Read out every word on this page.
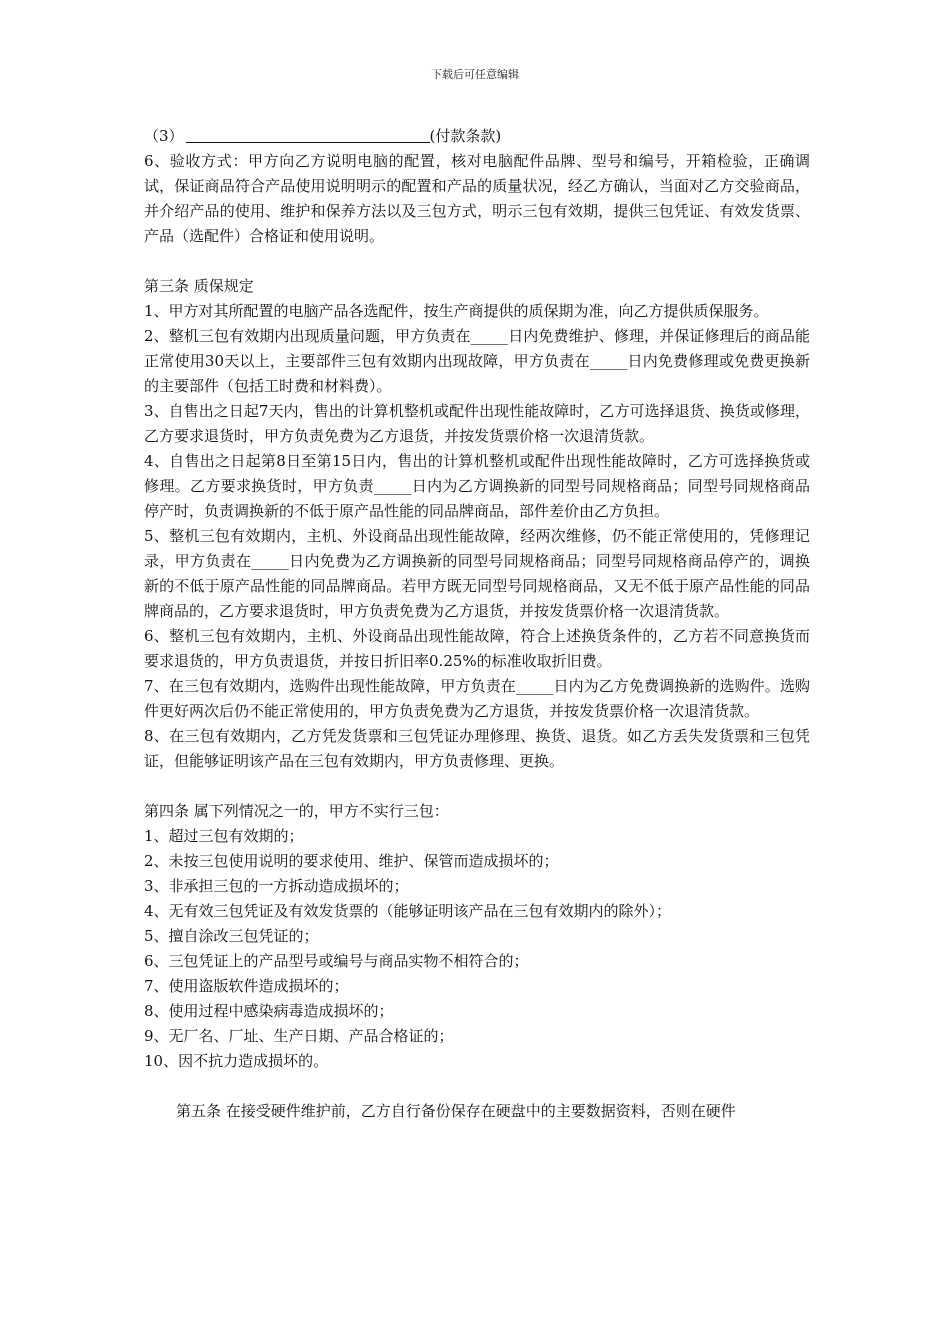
下载后可任意编辑

（3）	(付款条款)

6、验收方式：甲方向乙方说明电脑的配置，核对电脑配件品牌、型号和编号，开箱检验，正确调试，保证商品符合产品使用说明明示的配置和产品的质量状况，经乙方确认，当面对乙方交验商品，并介绍产品的使用、维护和保养方法以及三包方式，明示三包有效期，提供三包凭证、有效发货票、产品（选配件）合格证和使用说明。

第三条 质保规定

1、甲方对其所配置的电脑产品各选配件，按生产商提供的质保期为准，向乙方提供质保服务。

2、整机三包有效期内出现质量问题，甲方负责在_____日内免费维护、修理，并保证修理后的商品能正常使用30天以上，主要部件三包有效期内出现故障，甲方负责在_____日内免费修理或免费更换新的主要部件（包括工时费和材料费）。

3、自售出之日起7天内，售出的计算机整机或配件出现性能故障时，乙方可选择退货、换货或修理，乙方要求退货时，甲方负责免费为乙方退货，并按发货票价格一次退清货款。

4、自售出之日起第8日至第15日内，售出的计算机整机或配件出现性能故障时，乙方可选择换货或修理。乙方要求换货时，甲方负责_____日内为乙方调换新的同型号同规格商品；同型号同规格商品停产时，负责调换新的不低于原产品性能的同品牌商品，部件差价由乙方负担。

5、整机三包有效期内，主机、外设商品出现性能故障，经两次维修，仍不能正常使用的，凭修理记录，甲方负责在_____日内免费为乙方调换新的同型号同规格商品；同型号同规格商品停产的，调换新的不低于原产品性能的同品牌商品。若甲方既无同型号同规格商品，又无不低于原产品性能的同品牌商品的，乙方要求退货时，甲方负责免费为乙方退货，并按发货票价格一次退清货款。

6、整机三包有效期内，主机、外设商品出现性能故障，符合上述换货条件的，乙方若不同意换货而要求退货的，甲方负责退货，并按日折旧率0.25%的标准收取折旧费。

7、在三包有效期内，选购件出现性能故障，甲方负责在_____日内为乙方免费调换新的选购件。选购件更好两次后仍不能正常使用的，甲方负责免费为乙方退货，并按发货票价格一次退清货款。

8、在三包有效期内，乙方凭发货票和三包凭证办理修理、换货、退货。如乙方丢失发货票和三包凭证，但能够证明该产品在三包有效期内，甲方负责修理、更换。

第四条 属下列情况之一的，甲方不实行三包：

1、超过三包有效期的；

2、未按三包使用说明的要求使用、维护、保管而造成损坏的；

3、非承担三包的一方拆动造成损坏的；

4、无有效三包凭证及有效发货票的（能够证明该产品在三包有效期内的除外）；

5、擅自涂改三包凭证的；

6、三包凭证上的产品型号或编号与商品实物不相符合的；

7、使用盗版软件造成损坏的；

8、使用过程中感染病毒造成损坏的；

9、无厂名、厂址、生产日期、产品合格证的；

10、因不抗力造成损坏的。

第五条 在接受硬件维护前，乙方自行备份保存在硬盘中的主要数据资料，否则在硬件
